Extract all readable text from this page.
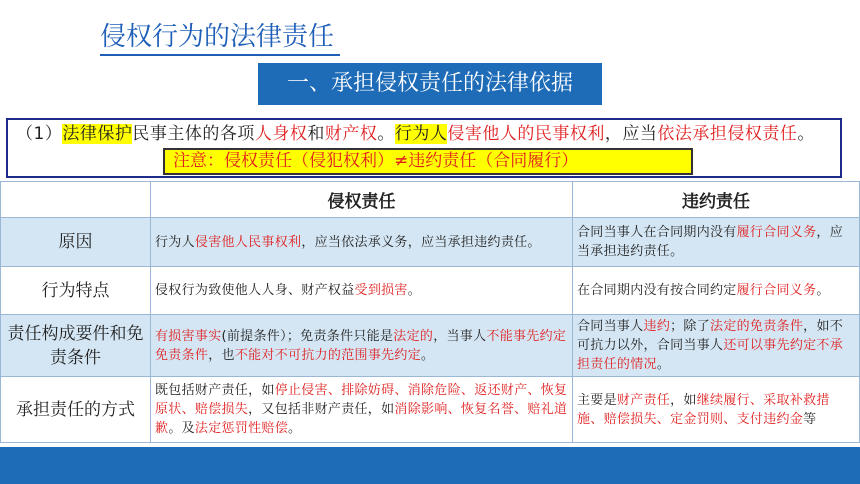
侵权行为的法律责任
一、承担侵权责任的法律依据
（1）法律保护民事主体的各项人身权和财产权。行为人侵害他人的民事权利，应当依法承担侵权责任。
注意：侵权责任（侵犯权利）≠违约责任（合同履行）
	侵权责任	违约责任
原因	行为人侵害他人民事权利，应当依法承义务，应当承担违约责任。	合同当事人在合同期内没有履行合同义务，应当承担违约责任。
行为特点	侵权行为致使他人人身、财产权益受到损害。	在合同期内没有按合同约定履行合同义务。
责任构成要件和免责条件	有损害事实(前提条件）；免责条件只能是法定的，当事人不能事先约定免责条件，也不能对不可抗力的范围事先约定。	合同当事人违约；除了法定的免责条件，如不可抗力以外，合同当事人还可以事先约定不承担责任的情况。
承担责任的方式	既包括财产责任，如停止侵害、排除妨碍、消除危险、返还财产、恢复原状、赔偿损失，又包括非财产责任，如消除影响、恢复名誉、赔礼道歉。及法定惩罚性赔偿。	主要是财产责任，如继续履行、采取补救措施、赔偿损失、定金罚则、支付违约金等
